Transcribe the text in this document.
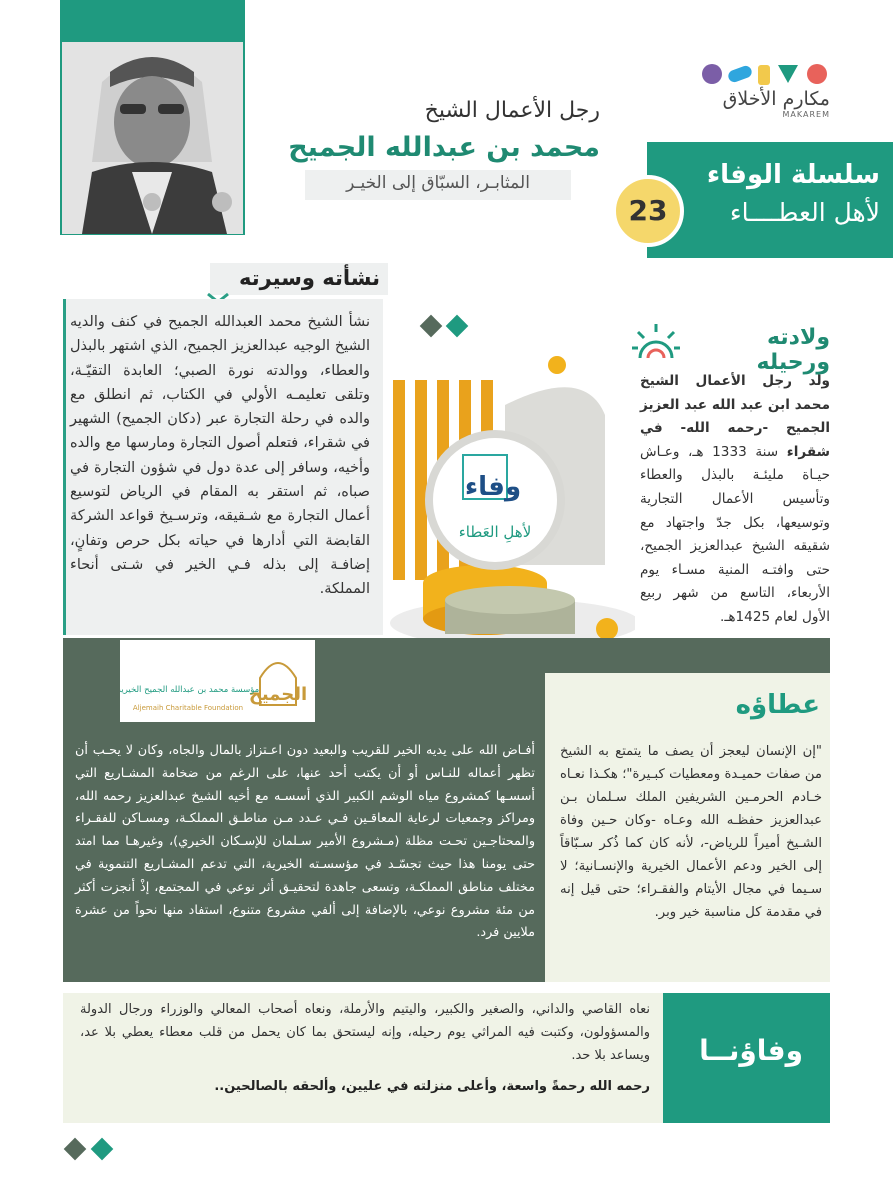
رجل الأعمال الشيخ
محمد بن عبدالله الجميح
المثابـر، السبّاق إلى الخيـر
مكارم الأخلاق
MAKAREM
سلسلة الوفاء
لأهل العطــــاء
23
نشأته وسيرته
نشأ الشيخ محمد العبدالله الجميح في كنف والديه الشيخ الوجيه عبدالعزيز الجميح، الذي اشتهر بالبذل والعطاء، ووالدته نورة الصبي؛ العابدة التقيّـة، وتلقى تعليمـه الأولي في الكتاب، ثم انطلق مع والده في رحلة التجارة عبر (دكان الجميح) الشهير في شقراء، فتعلم أصول التجارة ومارسها مع والده وأخيه، وسافر إلى عدة دول في شؤون التجارة في صباه، ثم استقر به المقام في الرياض لتوسيع أعمال التجارة مع شـقيقه، وترسـيخ قواعد الشركة القابضة التي أدارها في حياته بكل حرص وتفانٍ، إضافـة إلى بذله فـي الخير في شـتى أنحاء المملكة.
وفاء
لأهلِ العَطاء
ولادته ورحيله
ولد رجل الأعمال الشيخ محمد ابن عبد الله عبد العزيز الجميح -رحمه الله- في شقراء سنة 1333 هـ، وعـاش حيـاة مليئـة بالبذل والعطاء وتأسيس الأعمال التجارية وتوسيعها، بكل جدّ واجتهاد مع شقيقه الشيخ عبدالعزيز الجميح، حتى وافتـه المنية مسـاء يوم الأربعاء، التاسع من شهر ربيع الأول لعام 1425هـ.
عطاؤه
"إن الإنسان ليعجز أن يصف ما يتمتع به الشيخ من صفات حميـدة ومعطيات كبـيرة"؛ هكـذا نعـاه خـادم الحرمـين الشريفين الملك سـلمان بـن عبدالعزيز حفظـه الله وعـاه -وكان حـين وفاة الشـيخ أميراً للرياض-، لأنه كان كما ذُكر سـبّاقاً إلى الخير ودعم الأعمال الخيرية والإنسـانية؛ لا سـيما في مجال الأيتام والفقـراء؛ حتى قيل إنه في مقدمة كل مناسبة خير وبر.
الجميح
مؤسسة محمد بن عبدالله الجميح الخيرية
Aljemaih Charitable Foundation
أفـاض الله على يديه الخير للقريب والبعيد دون اعـتزاز بالمال والجاه، وكان لا يحـب أن تظهر أعماله للنـاس أو أن يكتب أحد عنها، على الرغم من ضخامة المشـاريع التي أسسـها كمشروع مياه الوشم الكبير الذي أسسـه مع أخيه الشيخ عبدالعزيز رحمه الله، ومراكز وجمعيات لرعاية المعاقـين فـي عـدد مـن مناطـق المملكـة، ومسـاكن للفقـراء والمحتاجـين تحـت مظلة (مـشروع الأمير سـلمان للإسـكان الخيري)، وغيرهـا مما امتد حتى يومنا هذا حيث تجسّـد في مؤسسـته الخيرية، التي تدعم المشـاريع التنموية في مختلف مناطق المملكـة، وتسعى جاهدة لتحقيـق أثر نوعي في المجتمع، إذْ أنجزت أكثر من مئة مشروع نوعي، بالإضافة إلى ألفي مشروع متنوع، استفاد منها نحواً من عشرة ملايين فرد.
وفاؤنــا
نعاه القاصي والداني، والصغير والكبير، واليتيم والأرملة، ونعاه أصحاب المعالي والوزراء ورجال الدولة والمسؤولون، وكتبت فيه المراثي يوم رحيله، وإنه ليستحق بما كان يحمل من قلب معطاء يعطي بلا عد، ويساعد بلا حد.
رحمه الله رحمةً واسعة، وأعلى منزلته في عليين، وألحقه بالصالحين..
